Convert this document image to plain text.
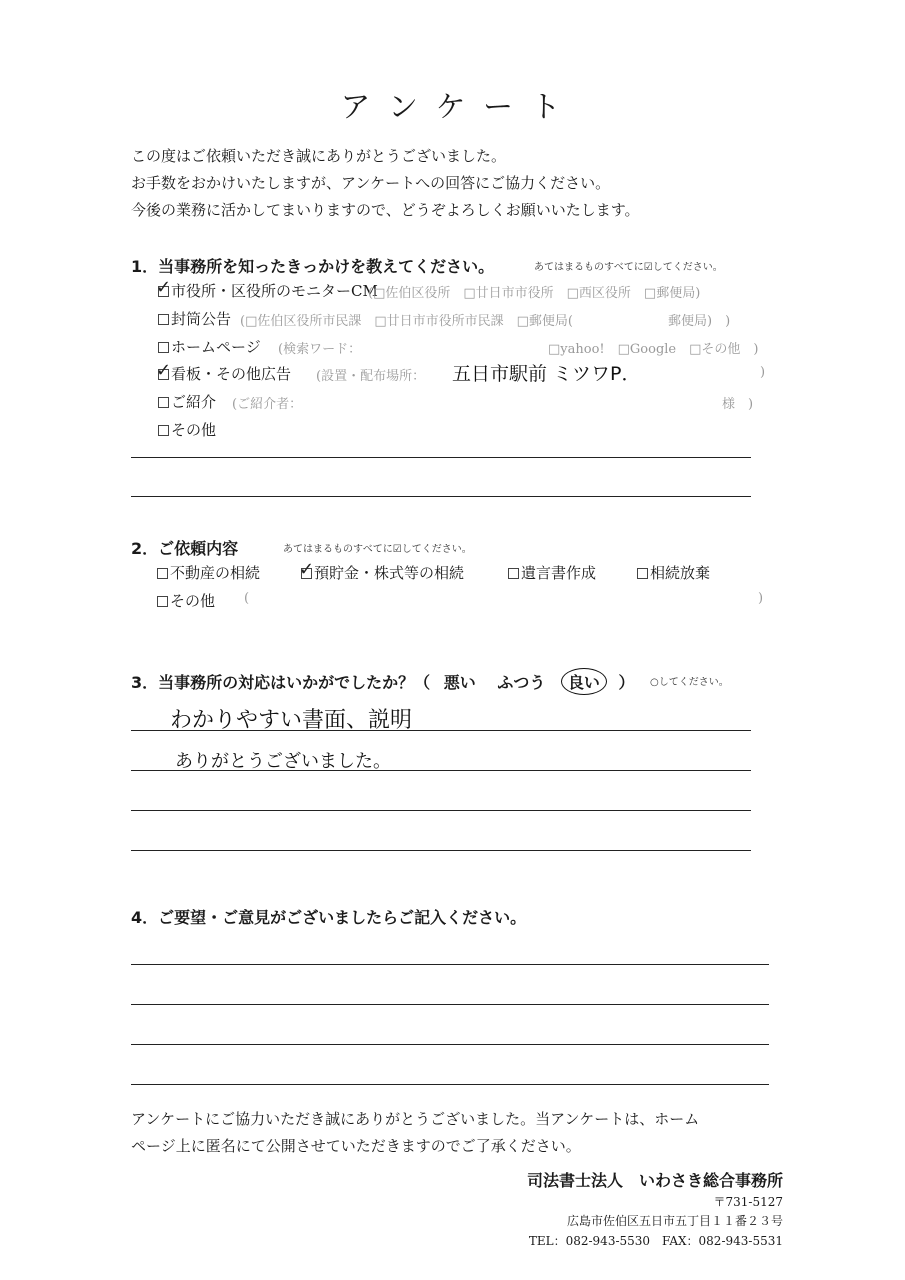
ア ン ケ ー ト
この度はご依頼いただき誠にありがとうございました。
お手数をおかけいたしますが、アンケートへの回答にご協力ください。
今後の業務に活かしてまいりますので、どうぞよろしくお願いいたします。
1．当事務所を知ったきっかけを教えてください。	あてはまるものすべてに☑してください。
✓ 市役所・区役所のモニターCM
(□佐伯区役所　□廿日市市役所　□西区役所　□郵便局)
封筒公告 (□佐伯区役所市民課　□廿日市市役所市民課　□郵便局(	郵便局)　)
ホームページ (検索ワード：	□yahoo!　□Google　□その他　)
✓ 看板・その他広告 (設置・配布場所： 五日市駅前 ミツワP．	)
ご紹介 (ご紹介者：	様　)
その他
2．ご依頼内容	あてはまるものすべてに☑してください。
不動産の相続 ✓ 預貯金・株式等の相続	遺言書作成	相続放棄
その他 (	)
3．当事務所の対応はいかがでしたか？（ 悪い ふつう 良い ） ○してください。
わかりやすい書面、説明
ありがとうございました。
4．ご要望・ご意見がございましたらご記入ください。
アンケートにご協力いただき誠にありがとうございました。当アンケートは、ホーム
ページ上に匿名にて公開させていただきますのでご了承ください。
司法書士法人　いわさき総合事務所
〒731-5127
広島市佐伯区五日市五丁目１１番２３号
TEL：082-943-5530　FAX：082-943-5531
